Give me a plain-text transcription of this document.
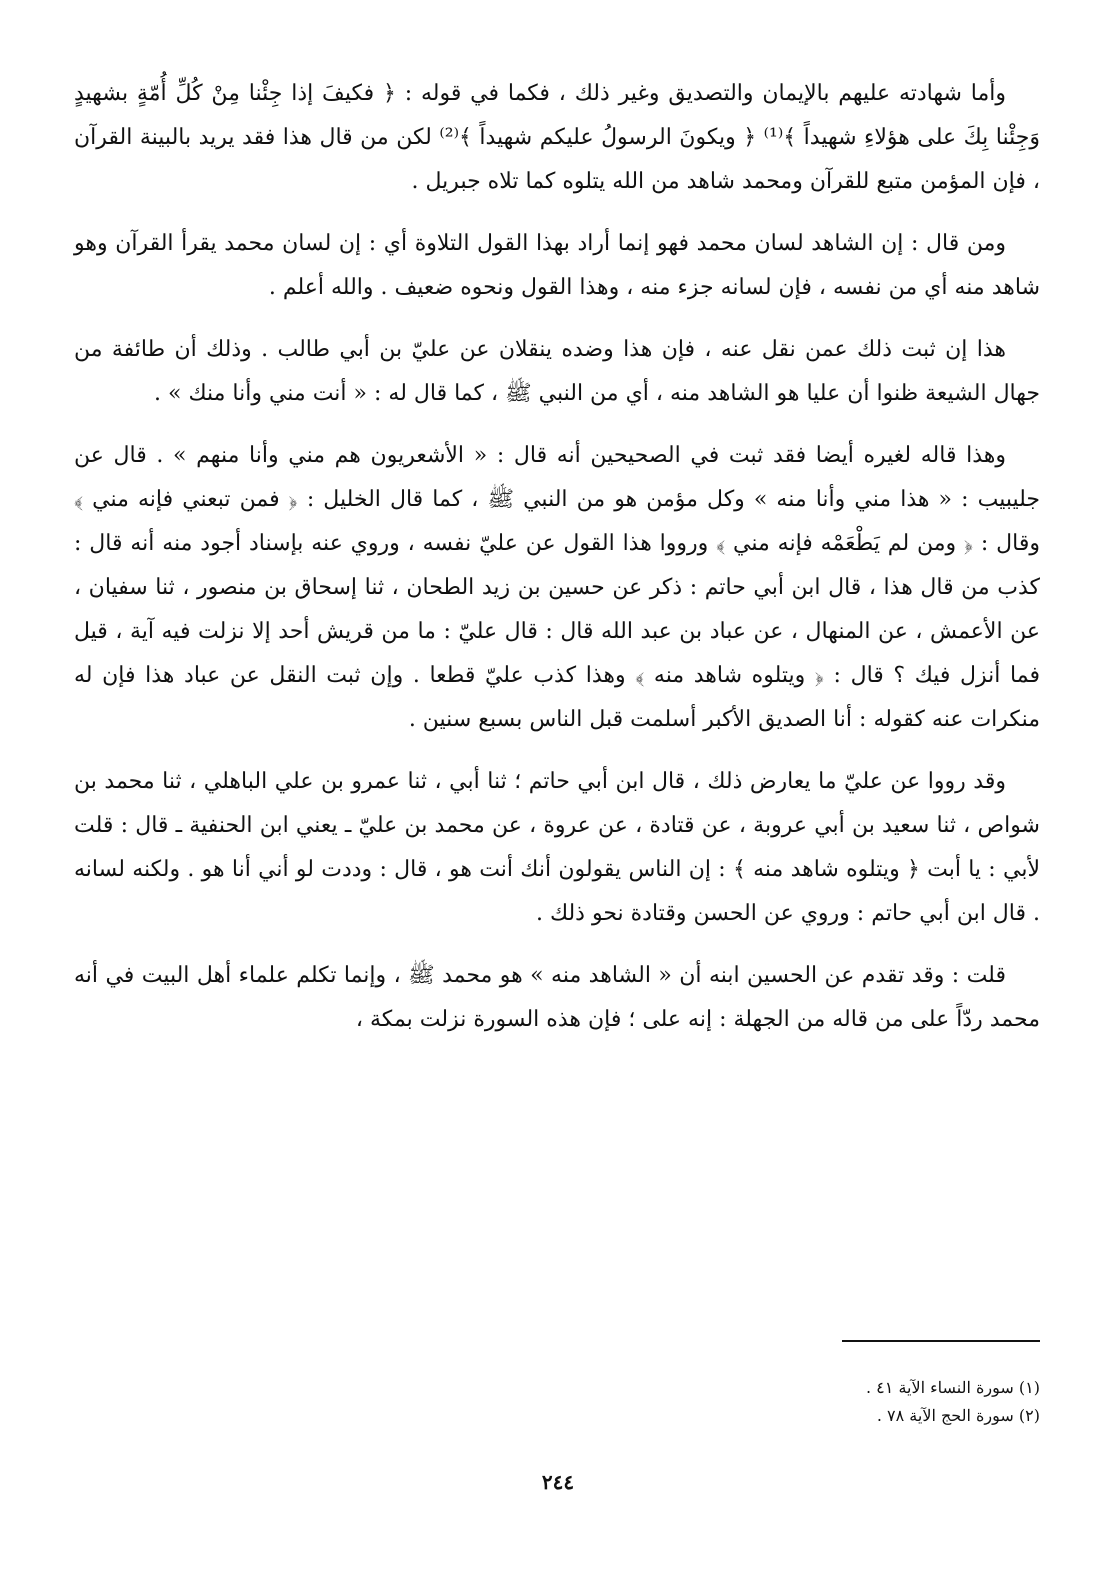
وأما شهادته عليهم بالإيمان والتصديق وغير ذلك ، فكما في قوله : ﴿ فكيفَ إذا جِئْنا مِنْ كُلِّ أُمّةٍ بشهيدٍ وَجِئْنا بِكَ على هؤلاءِ شهيداً ﴾⁽¹⁾ ﴿ ويكونَ الرسولُ عليكم شهيداً ﴾⁽²⁾ لكن من قال هذا فقد يريد بالبينة القرآن ، فإن المؤمن متبع للقرآن ومحمد شاهد من الله يتلوه كما تلاه جبريل .

ومن قال : إن الشاهد لسان محمد فهو إنما أراد بهذا القول التلاوة أي : إن لسان محمد يقرأ القرآن وهو شاهد منه أي من نفسه ، فإن لسانه جزء منه ، وهذا القول ونحوه ضعيف . والله أعلم .

هذا إن ثبت ذلك عمن نقل عنه ، فإن هذا وضده ينقلان عن عليّ بن أبي طالب . وذلك أن طائفة من جهال الشيعة ظنوا أن عليا هو الشاهد منه ، أي من النبي ﷺ ، كما قال له : « أنت مني وأنا منك » .

وهذا قاله لغيره أيضا فقد ثبت في الصحيحين أنه قال : « الأشعريون هم مني وأنا منهم » . قال عن جليبيب : « هذا مني وأنا منه » وكل مؤمن هو من النبي ﷺ ، كما قال الخليل : ﴿ فمن تبعني فإنه مني ﴾ وقال : ﴿ ومن لم يَطْعَمْه فإنه مني ﴾ ورووا هذا القول عن عليّ نفسه ، وروي عنه بإسناد أجود منه أنه قال : كذب من قال هذا ، قال ابن أبي حاتم : ذكر عن حسين بن زيد الطحان ، ثنا إسحاق بن منصور ، ثنا سفيان ، عن الأعمش ، عن المنهال ، عن عباد بن عبد الله قال : قال عليّ : ما من قريش أحد إلا نزلت فيه آية ، قيل فما أنزل فيك ؟ قال : ﴿ ويتلوه شاهد منه ﴾ وهذا كذب عليّ قطعا . وإن ثبت النقل عن عباد هذا فإن له منكرات عنه كقوله : أنا الصديق الأكبر أسلمت قبل الناس بسبع سنين .

وقد رووا عن عليّ ما يعارض ذلك ، قال ابن أبي حاتم ؛ ثنا أبي ، ثنا عمرو بن علي الباهلي ، ثنا محمد بن شواص ، ثنا سعيد بن أبي عروبة ، عن قتادة ، عن عروة ، عن محمد بن عليّ ـ يعني ابن الحنفية ـ قال : قلت لأبي : يا أبت ﴿ ويتلوه شاهد منه ﴾ : إن الناس يقولون أنك أنت هو ، قال : وددت لو أني أنا هو . ولكنه لسانه . قال ابن أبي حاتم : وروي عن الحسن وقتادة نحو ذلك .

قلت : وقد تقدم عن الحسين ابنه أن « الشاهد منه » هو محمد ﷺ ، وإنما تكلم علماء أهل البيت في أنه محمد ردّاً على من قاله من الجهلة : إنه على ؛ فإن هذه السورة نزلت بمكة ،

(١) سورة النساء الآية ٤١ .

(٢) سورة الحج الآية ٧٨ .

٢٤٤
